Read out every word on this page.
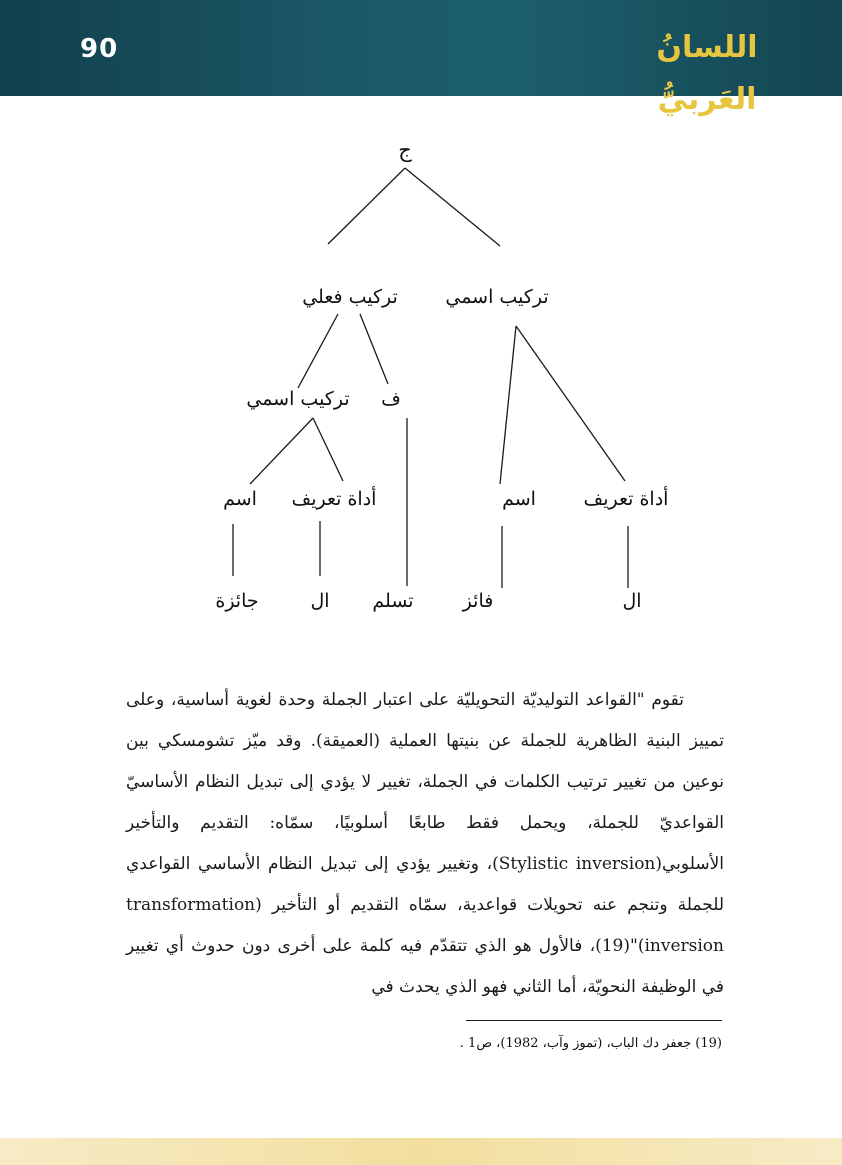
90	اللسانُ العَربيُّ
ج
تركيب فعلي	تركيب اسمي
تركيب اسمي ف
اسم أداة تعريف	اسم	أداة تعريف
جائزة	ال تسلم	فائز	ال

تقوم "القواعد التوليديّة التحويليّة على اعتبار الجملة وحدة لغوية أساسية، وعلى تمييز البنية الظاهرية للجملة عن بنيتها العملية (العميقة). وقد ميّز تشومسكي بين نوعين من تغيير ترتيب الكلمات في الجملة، تغيير لا يؤدي إلى تبديل النظام الأساسيّ القواعديّ للجملة، ويحمل فقط طابعًا أسلوبيًا، سمّاه: التقديم والتأخير الأسلوبي(Stylistic inversion)، وتغيير يؤدي إلى تبديل النظام الأساسي القواعدي للجملة وتنجم عنه تحويلات قواعدية، سمّاه التقديم أو التأخير (transformation inversion)"(19)، فالأول هو الذي تتقدّم فيه كلمة على أخرى دون حدوث أي تغيير في الوظيفة النحويّة، أما الثاني فهو الذي يحدث في

(19) جعفر دك الباب، (تموز وآب، 1982)، ص1 .
